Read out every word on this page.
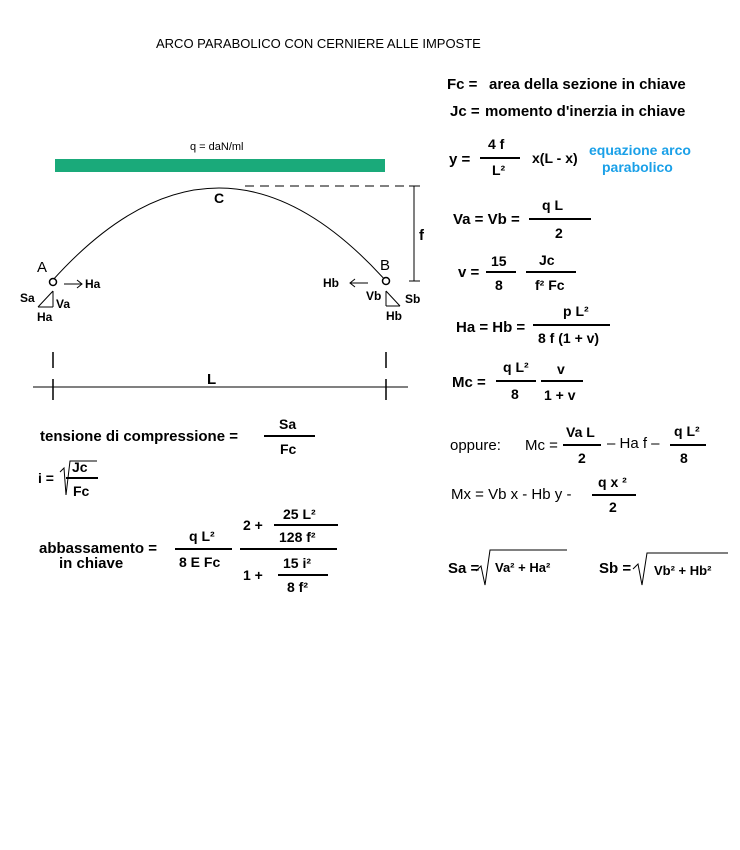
ARCO PARABOLICO CON CERNIERE ALLE IMPOSTE
Fc = area della sezione in chiave
Jc = momento d'inerzia in chiave
q = daN/ml
C
f
A	B
Ha	Hb
Sa Va
Vb Sb
Ha	Hb
L
y =
4 f
L²
x(L - x) equazione arco
parabolico
Va = Vb =
q L
2
v =
15
8
Jc
f² Fc
Ha = Hb =
p L²
8 f (1 + v)
Mc =
q L²
8
v
1 + v
oppure: Mc =
Va L
2
– Ha f –
q L²
8
Mx = Vb x - Hb y -
q x ²
2
Sa = Va² + Ha²	Sb = Vb² + Hb²
tensione di compressione =
Sa
Fc
i =
Jc
Fc
abbassamento =
in chiave
q L²
8 E Fc
2 +
25 L²
128 f²
1 +
15 i²
8 f²
